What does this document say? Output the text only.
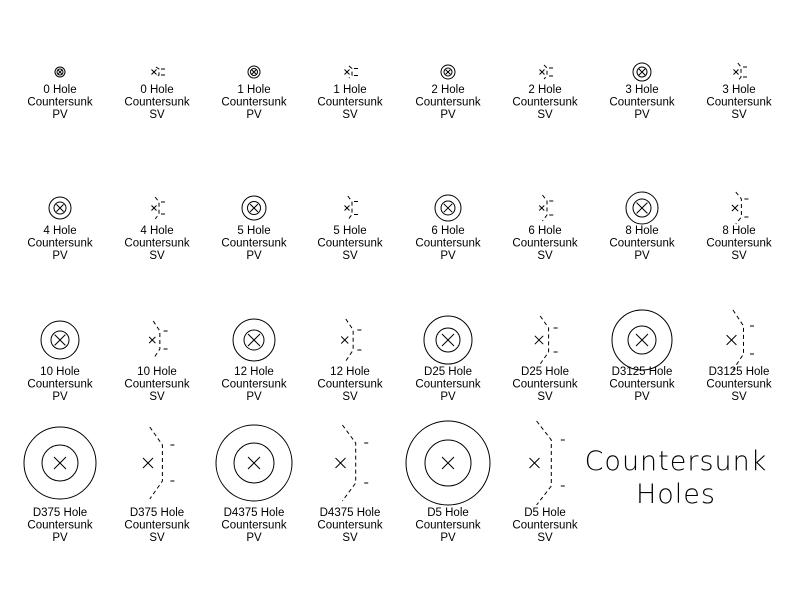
0 Hole
Countersunk
PV
0 Hole
Countersunk
SV
1 Hole
Countersunk
PV
1 Hole
Countersunk
SV
2 Hole
Countersunk
PV
2 Hole
Countersunk
SV
3 Hole
Countersunk
PV
3 Hole
Countersunk
SV
4 Hole
Countersunk
PV
4 Hole
Countersunk
SV
5 Hole
Countersunk
PV
5 Hole
Countersunk
SV
6 Hole
Countersunk
PV
6 Hole
Countersunk
SV
8 Hole
Countersunk
PV
8 Hole
Countersunk
SV
10 Hole
Countersunk
PV
10 Hole
Countersunk
SV
12 Hole
Countersunk
PV
12 Hole
Countersunk
SV
D25 Hole
Countersunk
PV
D25 Hole
Countersunk
SV
D3125 Hole
Countersunk
PV
D3125 Hole
Countersunk
SV
D375 Hole
Countersunk
PV
D375 Hole
Countersunk
SV
D4375 Hole
Countersunk
PV
D4375 Hole
Countersunk
SV
D5 Hole
Countersunk
PV
D5 Hole
Countersunk
SV
Countersunk
Holes
